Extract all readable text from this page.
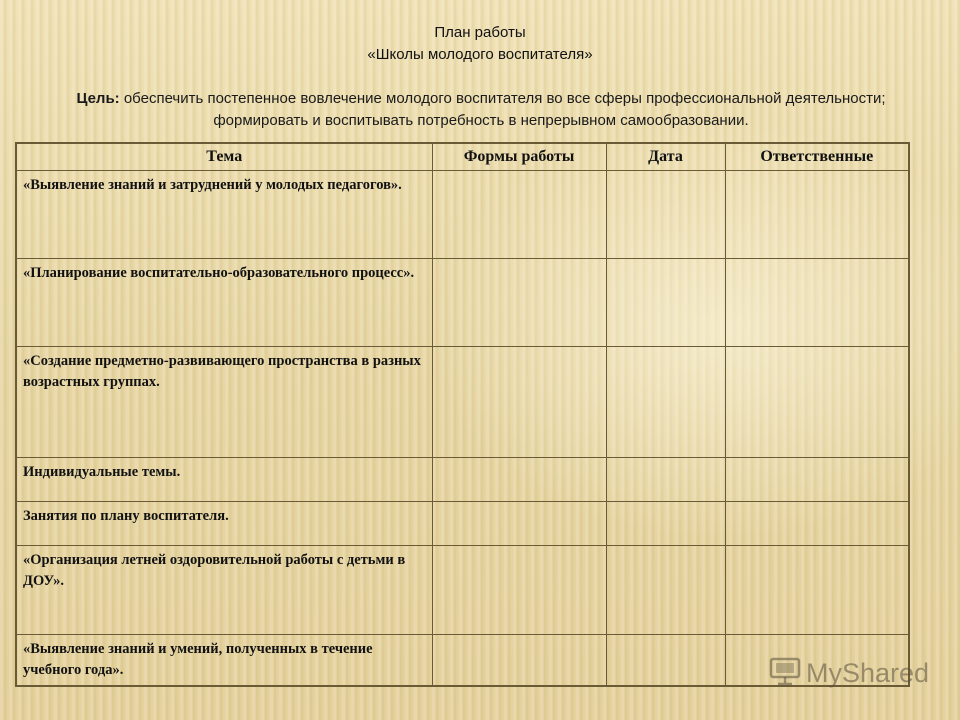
План работы
«Школы молодого воспитателя»
Цель: обеспечить постепенное вовлечение молодого воспитателя во все сферы профессиональной деятельности; формировать и воспитывать потребность в непрерывном самообразовании.
Тема	Формы работы	Дата	Ответственные
«Выявление знаний и затруднений у молодых педагогов».			
«Планирование воспитательно-образовательного процесс».			
«Создание предметно-развивающего пространства в разных возрастных группах.			
Индивидуальные темы.			
Занятия по плану воспитателя.			
«Организация летней оздоровительной работы с детьми в ДОУ».			
«Выявление знаний и умений, полученных в течение учебного года».				MyShared
